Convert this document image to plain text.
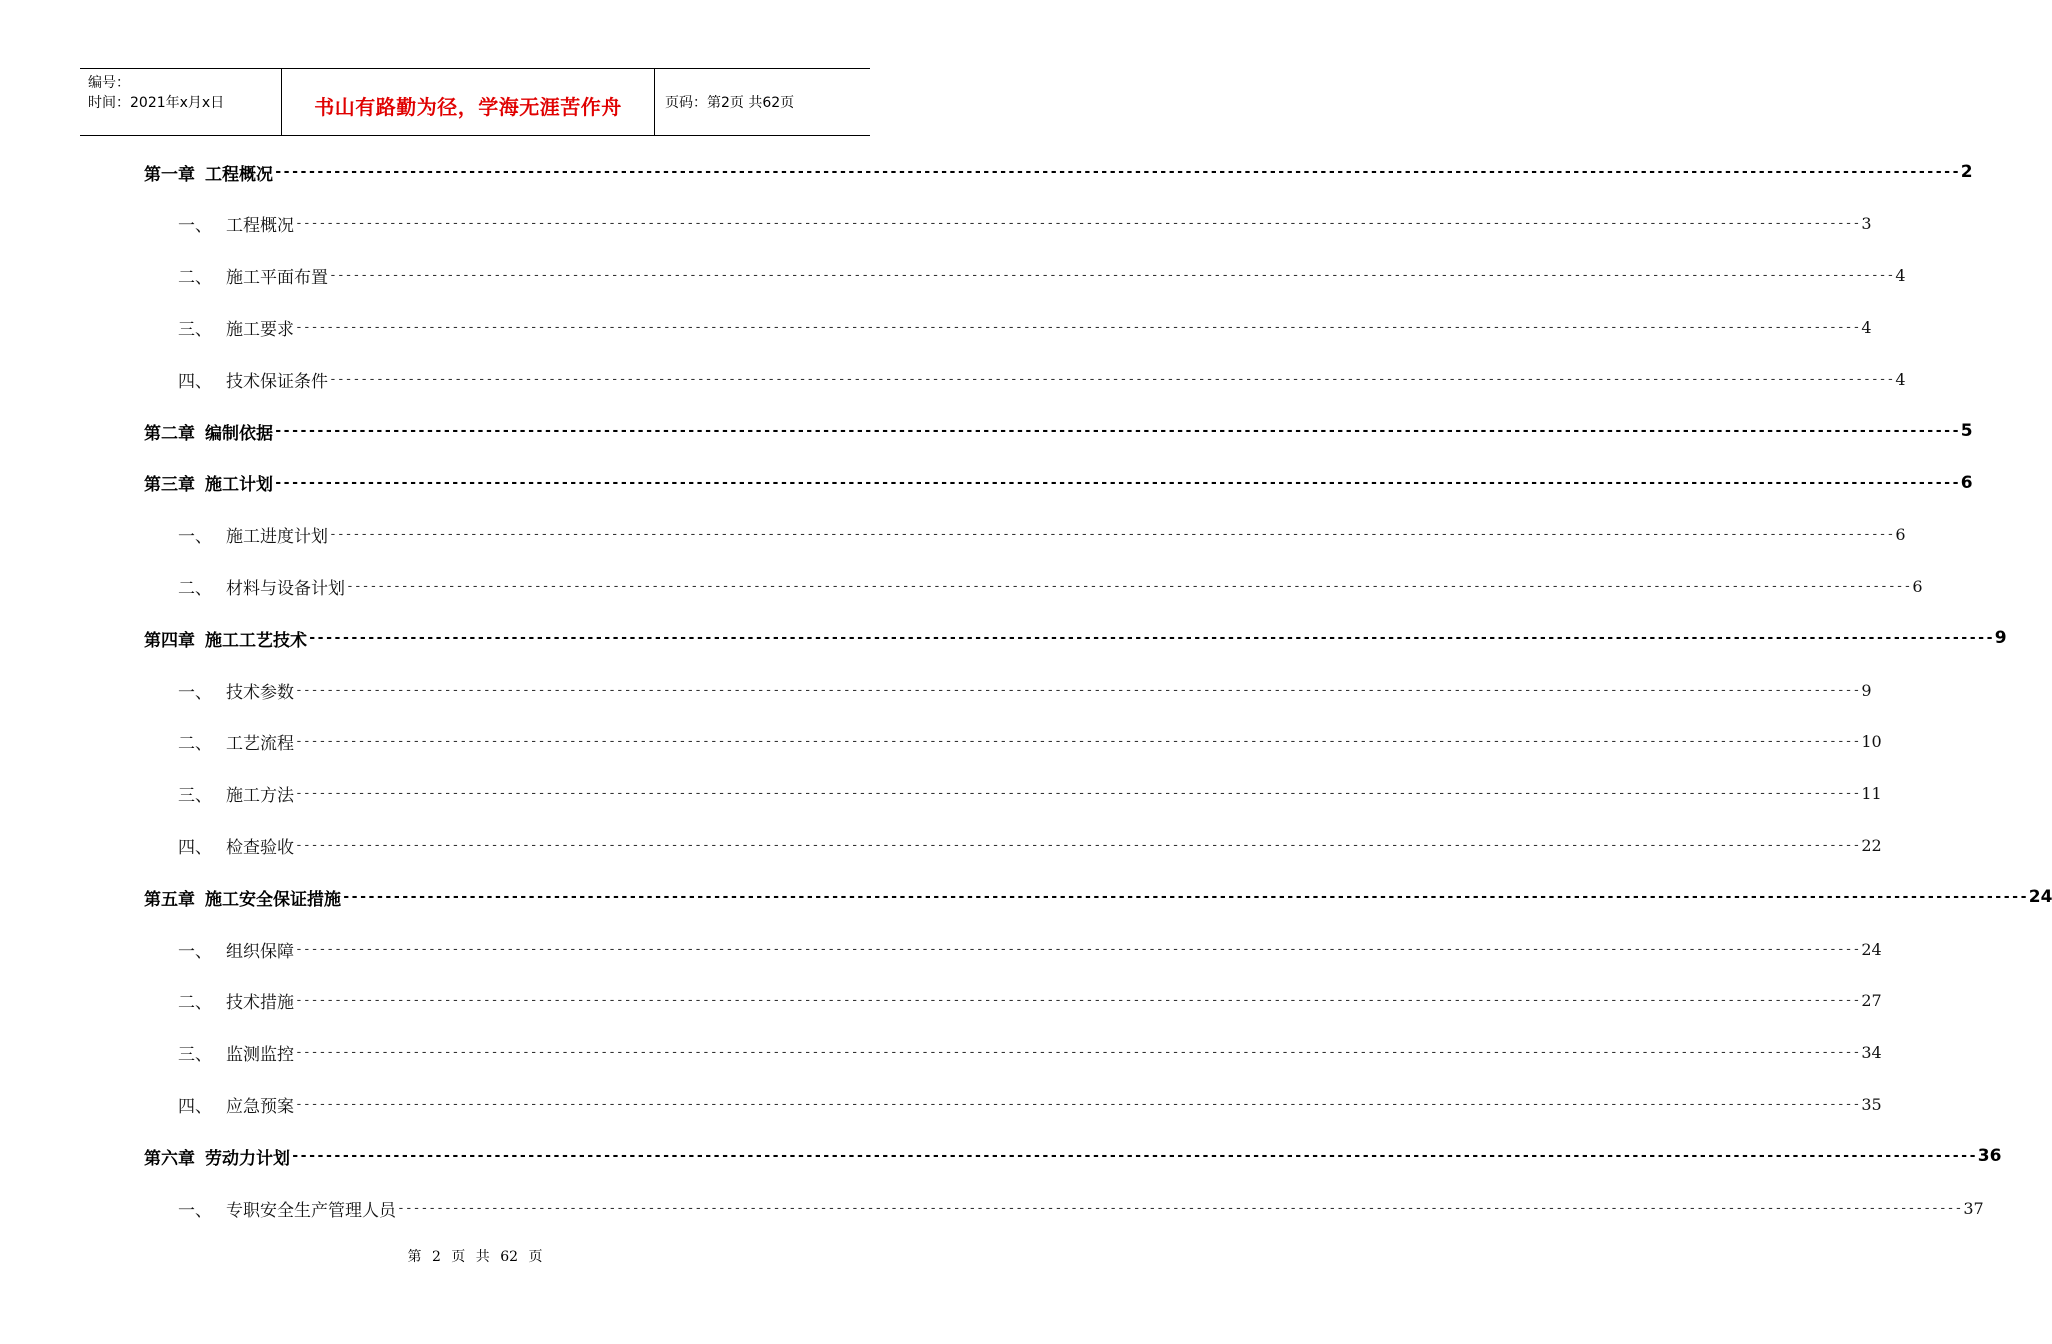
编号：
时间：2021年x月x日	书山有路勤为径，学海无涯苦作舟	页码：第2页 共62页
第一章 工程概况 -------------------------------------------------------------------------------------------------------------------------------------------------------------------------------------------------------- 2
一、 工程概况 -------------------------------------------------------------------------------------------------------------------------------------------------------------------------------------------------------- 3
二、 施工平面布置 -------------------------------------------------------------------------------------------------------------------------------------------------------------------------------------------------------- 4
三、 施工要求 -------------------------------------------------------------------------------------------------------------------------------------------------------------------------------------------------------- 4
四、 技术保证条件 -------------------------------------------------------------------------------------------------------------------------------------------------------------------------------------------------------- 4
第二章 编制依据 -------------------------------------------------------------------------------------------------------------------------------------------------------------------------------------------------------- 5
第三章 施工计划 -------------------------------------------------------------------------------------------------------------------------------------------------------------------------------------------------------- 6
一、 施工进度计划 -------------------------------------------------------------------------------------------------------------------------------------------------------------------------------------------------------- 6
二、 材料与设备计划 -------------------------------------------------------------------------------------------------------------------------------------------------------------------------------------------------------- 6
第四章 施工工艺技术 -------------------------------------------------------------------------------------------------------------------------------------------------------------------------------------------------------- 9
一、 技术参数 -------------------------------------------------------------------------------------------------------------------------------------------------------------------------------------------------------- 9
二、 工艺流程 -------------------------------------------------------------------------------------------------------------------------------------------------------------------------------------------------------- 10
三、 施工方法 -------------------------------------------------------------------------------------------------------------------------------------------------------------------------------------------------------- 11
四、 检查验收 -------------------------------------------------------------------------------------------------------------------------------------------------------------------------------------------------------- 22
第五章 施工安全保证措施 -------------------------------------------------------------------------------------------------------------------------------------------------------------------------------------------------------- 24
一、 组织保障 -------------------------------------------------------------------------------------------------------------------------------------------------------------------------------------------------------- 24
二、 技术措施 -------------------------------------------------------------------------------------------------------------------------------------------------------------------------------------------------------- 27
三、 监测监控 -------------------------------------------------------------------------------------------------------------------------------------------------------------------------------------------------------- 34
四、 应急预案 -------------------------------------------------------------------------------------------------------------------------------------------------------------------------------------------------------- 35
第六章 劳动力计划 -------------------------------------------------------------------------------------------------------------------------------------------------------------------------------------------------------- 36
一、 专职安全生产管理人员 -------------------------------------------------------------------------------------------------------------------------------------------------------------------------------------------------------- 37
第 2 页 共 62 页
